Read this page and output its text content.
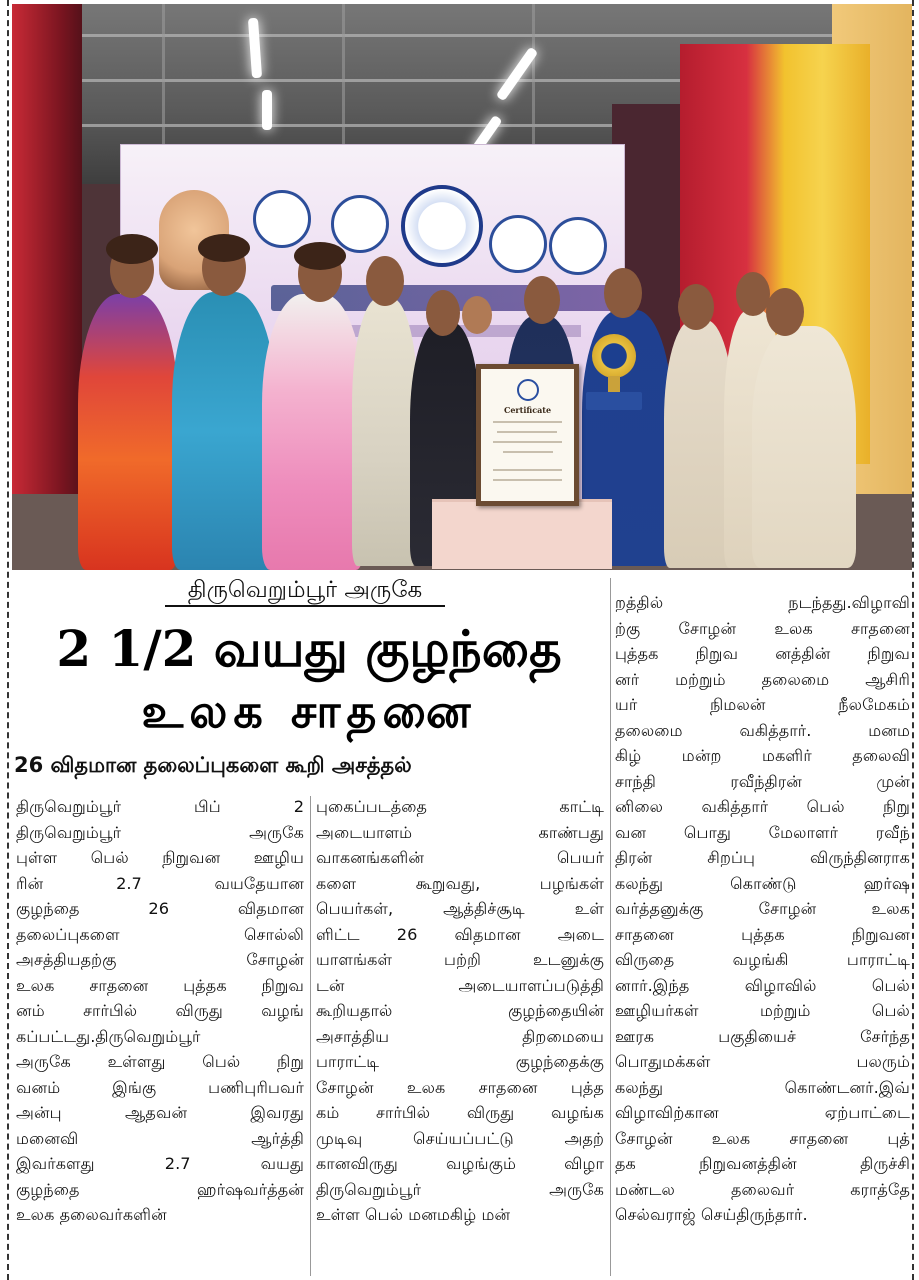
Certificate
திருவெறும்பூர் அருகே
2 1/2 வயது குழந்தை
உலக சாதனை
26 விதமான தலைப்புகளை கூறி அசத்தல்
திருவெறும்பூர் பிப் 2
திருவெறும்பூர் அருகே
புள்ள பெல் நிறுவன ஊழிய
ரின் 2.7 வயதேயான
குழந்தை 26 விதமான
தலைப்புகளை சொல்லி
அசத்தியதற்கு சோழன்
உலக சாதனை புத்தக நிறுவ
னம் சார்பில் விருது வழங்
கப்பட்டது.திருவெறும்பூர்
அருகே உள்ளது பெல் நிறு
வனம் இங்கு பணிபுரிபவர்
அன்பு ஆதவன் இவரது
மனைவி ஆர்த்தி
இவர்களது 2.7 வயது
குழந்தை ஹர்ஷவர்த்தன்
உலக தலைவர்களின்
புகைப்படத்தை காட்டி
அடையாளம் காண்பது
வாகனங்களின் பெயர்
களை கூறுவது, பழங்கள்
பெயர்கள், ஆத்திச்சூடி உள்
ளிட்ட 26 விதமான அடை
யாளங்கள் பற்றி உடனுக்கு
டன் அடையாளப்படுத்தி
கூறியதால் குழந்தையின்
அசாத்திய திறமையை
பாராட்டி குழந்தைக்கு
சோழன் உலக சாதனை புத்த
கம் சார்பில் விருது வழங்க
முடிவு செய்யப்பட்டு அதற்
கானவிருது வழங்கும் விழா
திருவெறும்பூர் அருகே
உள்ள பெல் மனமகிழ் மன்
றத்தில் நடந்தது.விழாவி
ற்கு சோழன் உலக சாதனை
புத்தக நிறுவ னத்தின் நிறுவ
னர் மற்றும் தலைமை ஆசிரி
யர் நிமலன் நீலமேகம்
தலைமை வகித்தார். மனம
கிழ் மன்ற மகளிர் தலைவி
சாந்தி ரவீந்திரன் முன்
னிலை வகித்தார் பெல் நிறு
வன பொது மேலாளர் ரவீந்
திரன் சிறப்பு விருந்தினராக
கலந்து கொண்டு ஹர்ஷ
வர்த்தனுக்கு சோழன் உலக
சாதனை புத்தக நிறுவன
விருதை வழங்கி பாராட்டி
னார்.இந்த விழாவில் பெல்
ஊழியர்கள் மற்றும் பெல்
ஊரக பகுதியைச் சேர்ந்த
பொதுமக்கள் பலரும்
கலந்து கொண்டனர்.இவ்
விழாவிற்கான ஏற்பாட்டை
சோழன் உலக சாதனை புத்
தக நிறுவனத்தின் திருச்சி
மண்டல தலைவர் கராத்தே
செல்வராஜ் செய்திருந்தார்.
